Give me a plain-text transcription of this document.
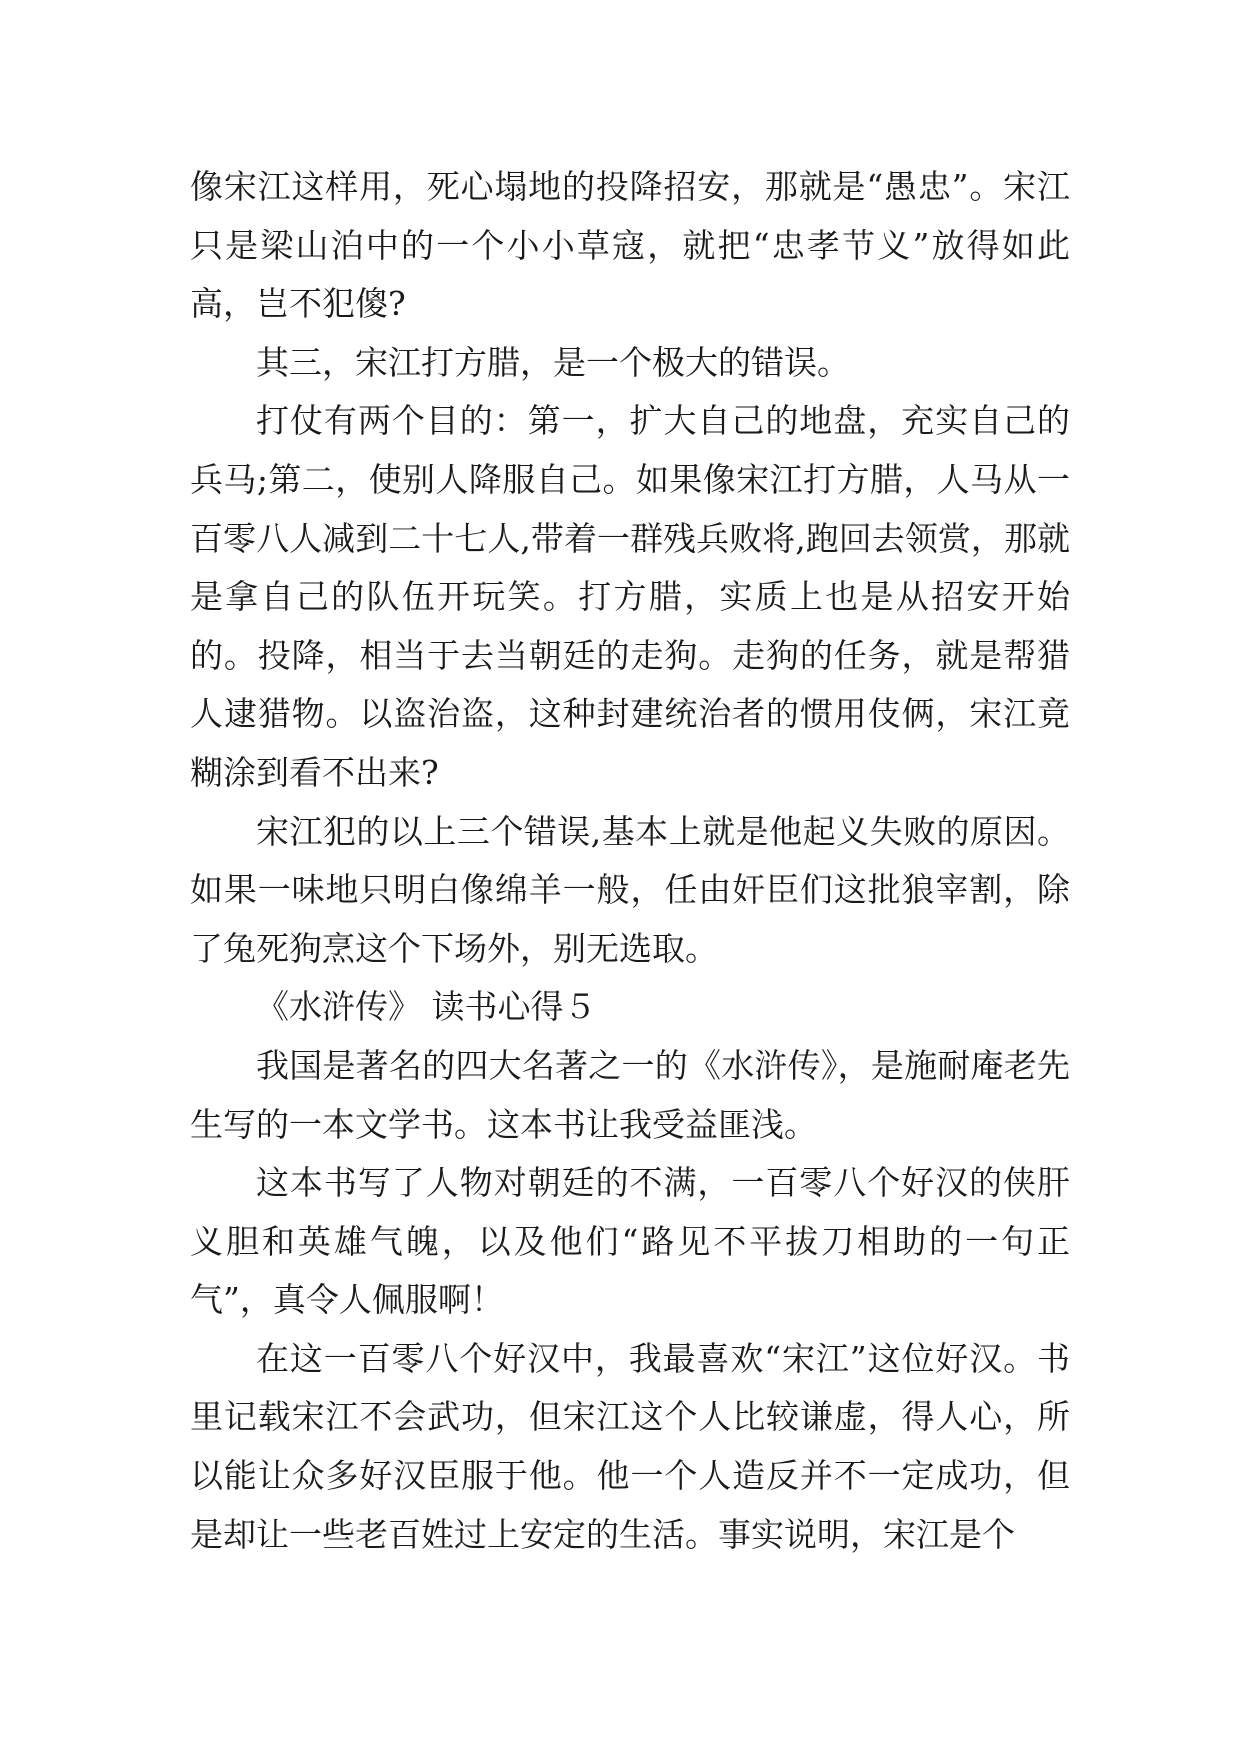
像宋江这样用，死心塌地的投降招安，那就是“愚忠”。宋江只是梁山泊中的一个小小草寇，就把“忠孝节义”放得如此高，岂不犯傻?

其三，宋江打方腊，是一个极大的错误。

打仗有两个目的：第一，扩大自己的地盘，充实自己的兵马;第二，使别人降服自己。如果像宋江打方腊，人马从一百零八人减到二十七人,带着一群残兵败将,跑回去领赏，那就是拿自己的队伍开玩笑。打方腊，实质上也是从招安开始的。投降，相当于去当朝廷的走狗。走狗的任务，就是帮猎人逮猎物。以盗治盗，这种封建统治者的惯用伎俩，宋江竟糊涂到看不出来?

宋江犯的以上三个错误,基本上就是他起义失败的原因。如果一味地只明白像绵羊一般，任由奸臣们这批狼宰割，除了兔死狗烹这个下场外，别无选取。

《水浒传》 读书心得５

我国是著名的四大名著之一的《水浒传》，是施耐庵老先生写的一本文学书。这本书让我受益匪浅。

这本书写了人物对朝廷的不满，一百零八个好汉的侠肝义胆和英雄气魄，以及他们“路见不平拔刀相助的一句正气”，真令人佩服啊！

在这一百零八个好汉中，我最喜欢“宋江”这位好汉。书里记载宋江不会武功，但宋江这个人比较谦虚，得人心，所以能让众多好汉臣服于他。他一个人造反并不一定成功，但是却让一些老百姓过上安定的生活。事实说明，宋江是个
